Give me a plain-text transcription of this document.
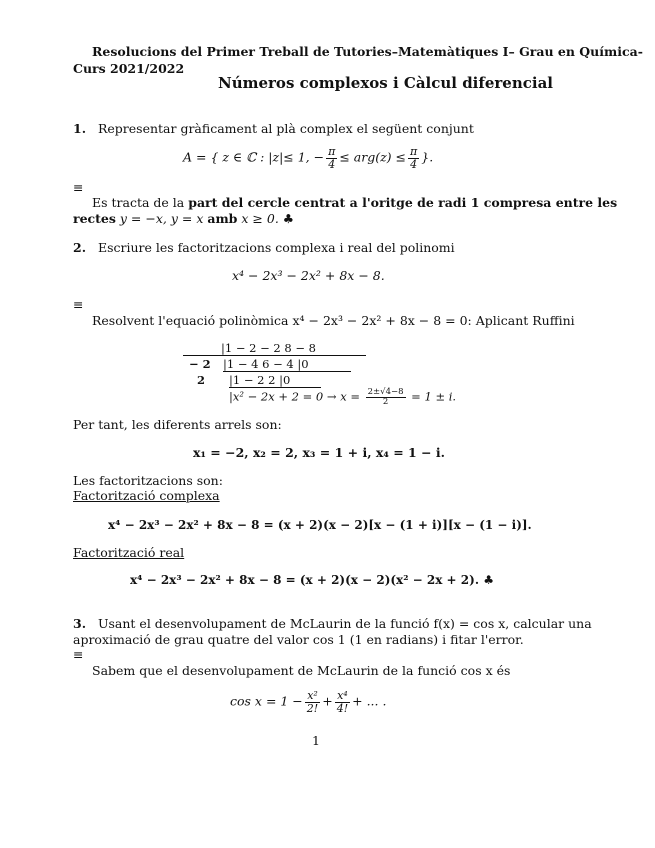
Resolucions del Primer Treball de Tutories–Matemàtiques I– Grau en Química-
Curs 2021/2022
Números complexos i Càlcul diferencial
1. Representar gràficament al plà complex el següent conjunt
A = { z ∈ ℂ : |z|≤ 1, − $\frac{\pi}{4} \le arg(z) \le \frac{\pi}{4}$ }.
≡
Es tracta de la part del cercle centrat a l'oritge de radi 1 compresa entre les
rectes y = −x, y = x amb x ≥ 0. ♣
2. Escriure les factoritzacions complexa i real del polinomi
x⁴ − 2x³ − 2x² + 8x − 8.
≡
Resolvent l'equació polinòmica x⁴ − 2x³ − 2x² + 8x − 8 = 0: Aplicant Ruffini
|1 − 2 − 2 8 − 8
− 2 |1 − 4 6 − 4 |0
2 |1 − 2 2 |0
$|x^2 - 2x + 2 = 0 \to x = \frac{2\pm√4-8}{2} = 1 \pm i$.
Per tant, les diferents arrels son:
x₁ = −2, x₂ = 2, x₃ = 1 + i, x₄ = 1 − i.
Les factoritzacions son:
Factorització complexa
x⁴ − 2x³ − 2x² + 8x − 8 = (x + 2)(x − 2)[x − (1 + i)][x − (1 − i)].
Factorització real
x⁴ − 2x³ − 2x² + 8x − 8 = (x + 2)(x − 2)(x² − 2x + 2). ♣
3. Usant el desenvolupament de McLaurin de la funció f(x) = cos x, calcular una
aproximació de grau quatre del valor cos 1 (1 en radians) i fitar l'error.
≡
Sabem que el desenvolupament de McLaurin de la funció cos x és
$\cos x = 1 - \frac{\text{x²}}{2!} + \frac{\text{x⁴}}{4!}$ + ... .
1
